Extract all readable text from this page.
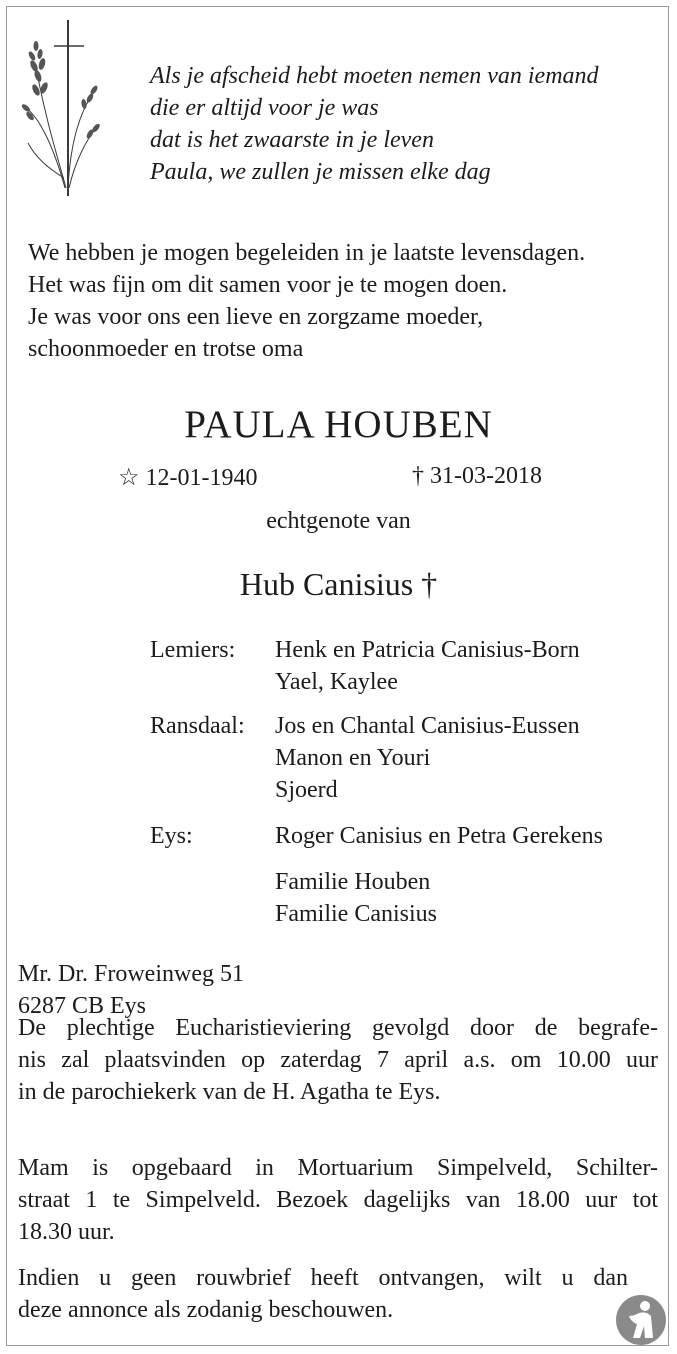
Als je afscheid hebt moeten nemen van iemand
die er altijd voor je was
dat is het zwaarste in je leven
Paula, we zullen je missen elke dag
We hebben je mogen begeleiden in je laatste levensdagen.
Het was fijn om dit samen voor je te mogen doen.
Je was voor ons een lieve en zorgzame moeder,
schoonmoeder en trotse oma
PAULA HOUBEN
☆ 12-01-1940	† 31-03-2018
echtgenote van
Hub Canisius †
Lemiers: Henk en Patricia Canisius-Born
Yael, Kaylee
Ransdaal: Jos en Chantal Canisius-Eussen
Manon en Youri
Sjoerd
Eys:	Roger Canisius en Petra Gerekens
Familie Houben
Familie Canisius
Mr. Dr. Froweinweg 51
6287 CB Eys
De plechtige Eucharistieviering gevolgd door de begrafe-
nis zal plaatsvinden op zaterdag 7 april a.s. om 10.00 uur
in de parochiekerk van de H. Agatha te Eys.
Mam is opgebaard in Mortuarium Simpelveld, Schilter-
straat 1 te Simpelveld. Bezoek dagelijks van 18.00 uur tot
18.30 uur.
Indien u geen rouwbrief heeft ontvangen, wilt u dan
deze annonce als zodanig beschouwen.
